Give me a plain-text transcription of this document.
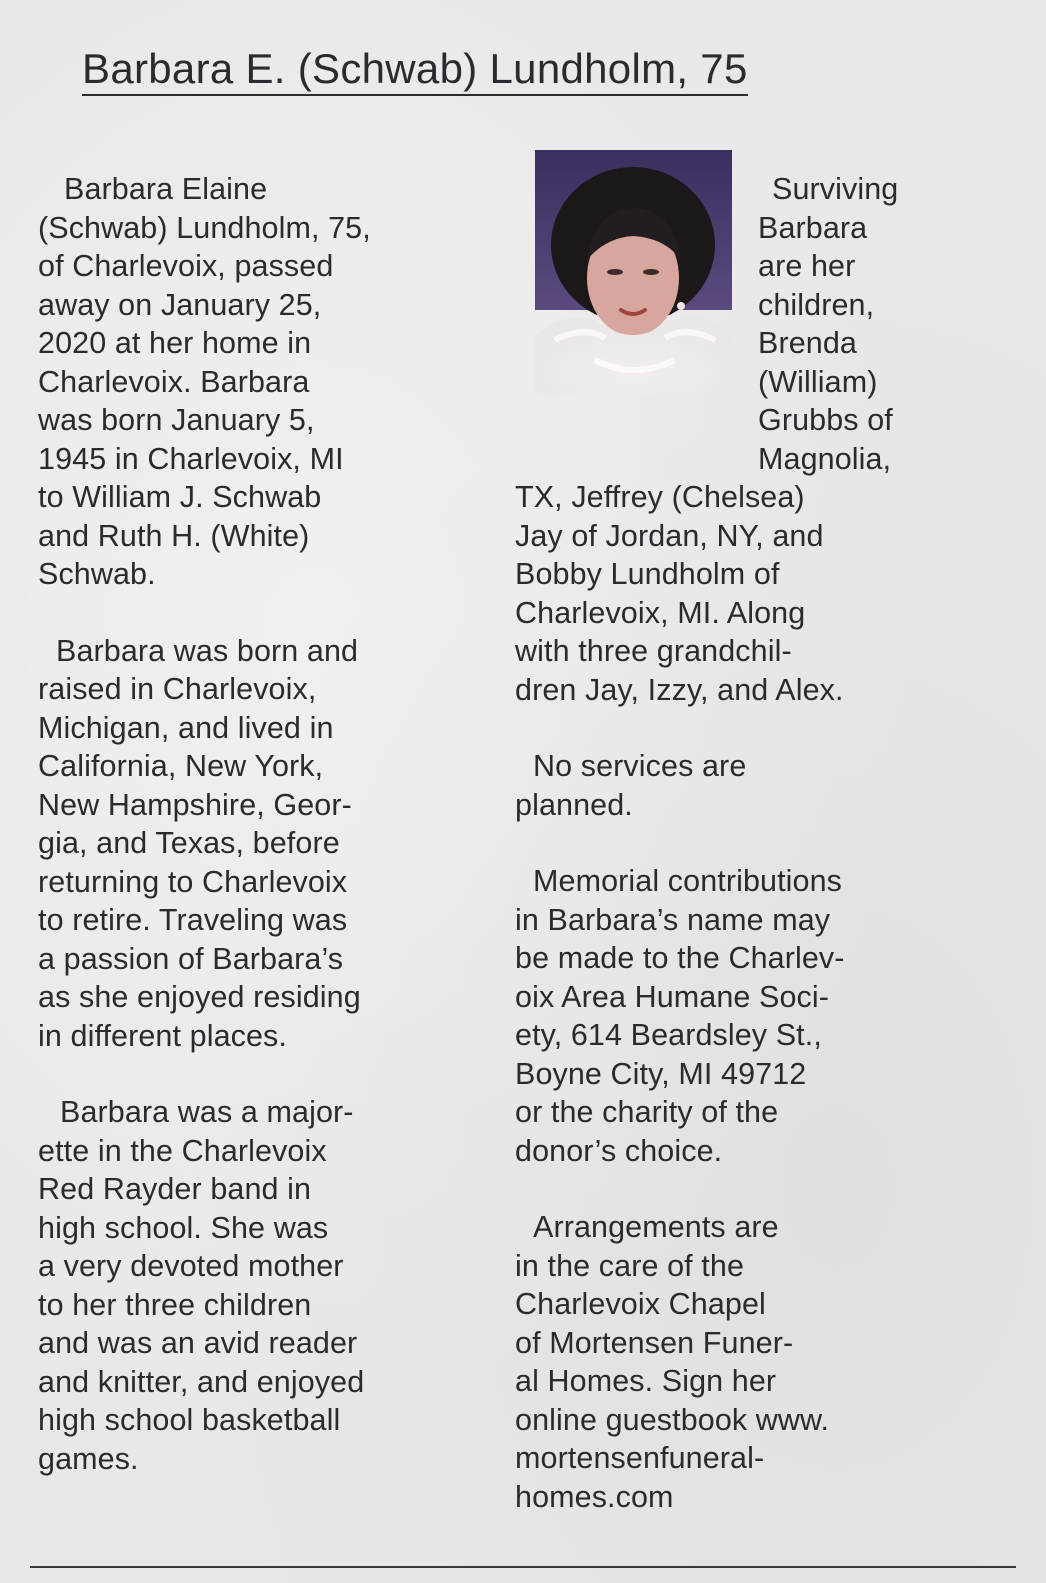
Barbara E. (Schwab) Lundholm, 75

Barbara Elaine
(Schwab) Lundholm, 75,
of Charlevoix, passed
away on January 25,
2020 at her home in
Charlevoix. Barbara
was born January 5,
1945 in Charlevoix, MI
to William J. Schwab
and Ruth H. (White)
Schwab.

Barbara was born and
raised in Charlevoix,
Michigan, and lived in
California, New York,
New Hampshire, Geor-
gia, and Texas, before
returning to Charlevoix
to retire. Traveling was
a passion of Barbara’s
as she enjoyed residing
in different places.

Barbara was a major-
ette in the Charlevoix
Red Rayder band in
high school. She was
a very devoted mother
to her three children
and was an avid reader
and knitter, and enjoyed
high school basketball
games.

Surviving
Barbara
are her
children,
Brenda
(William)
Grubbs of
Magnolia,

TX, Jeffrey (Chelsea)
Jay of Jordan, NY, and
Bobby Lundholm of
Charlevoix, MI. Along
with three grandchil-
dren Jay, Izzy, and Alex.

No services are
planned.

Memorial contributions
in Barbara’s name may
be made to the Charlev-
oix Area Humane Soci-
ety, 614 Beardsley St.,
Boyne City, MI 49712
or the charity of the
donor’s choice.

Arrangements are
in the care of the
Charlevoix Chapel
of Mortensen Funer-
al Homes. Sign her
online guestbook www.
mortensenfuneral-
homes.com
